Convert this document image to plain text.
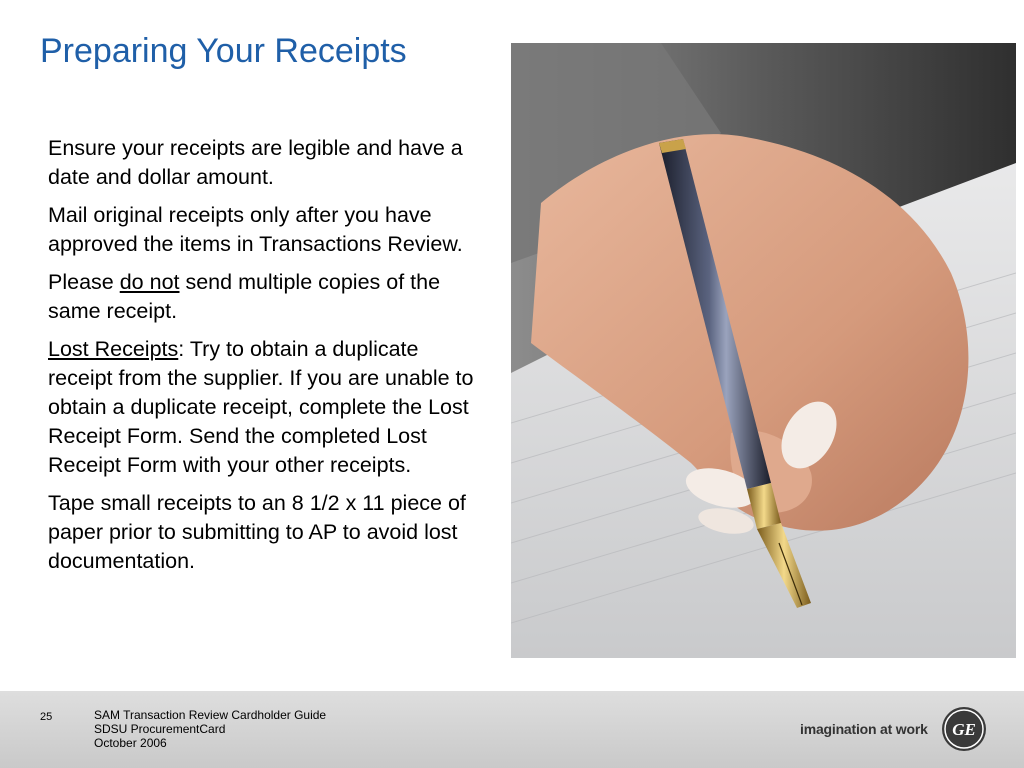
Preparing Your Receipts

Ensure your receipts are legible and have a date and dollar amount.

Mail original receipts only after you have approved the items in Transactions Review.

Please do not send multiple copies of the same receipt.

Lost Receipts: Try to obtain a duplicate receipt from the supplier. If you are unable to obtain a duplicate receipt, complete the Lost Receipt Form. Send the completed Lost Receipt Form with your other receipts.

Tape small receipts to an 8 1/2 x 11 piece of paper prior to submitting to AP to avoid lost documentation.

25	SAM Transaction Review Cardholder Guide
SDSU ProcurementCard
October 2006
imagination at work GE
